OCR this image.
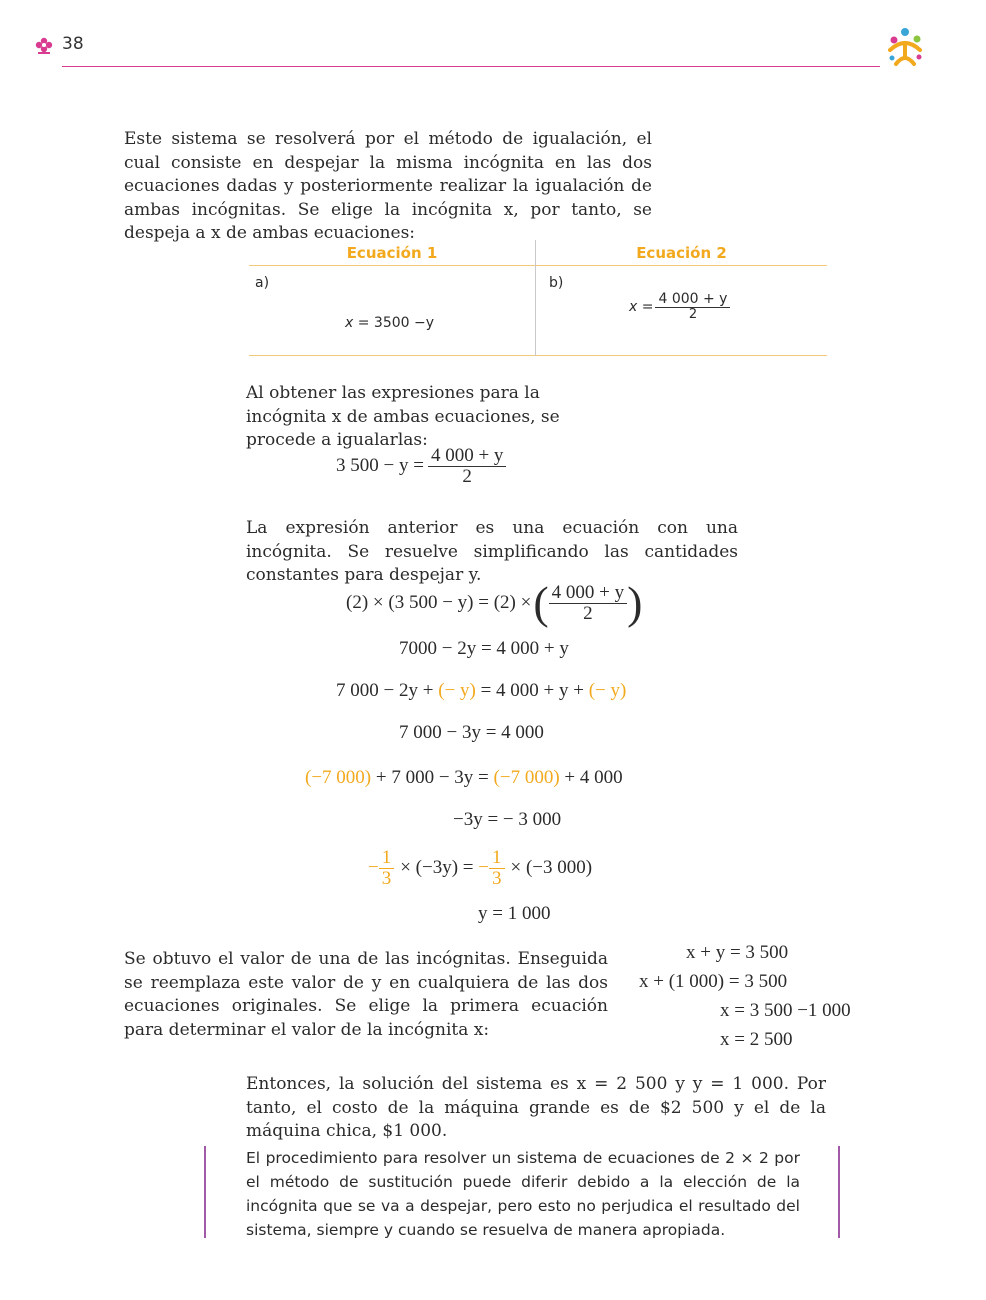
38

Este sistema se resolverá por el método de igualación, el cual consiste en despejar la misma incógnita en las dos ecuaciones dadas y posteriormente realizar la igualación de ambas incógnitas. Se elige la incógnita x, por tanto, se despeja a x de ambas ecuaciones:

Ecuación 1	Ecuación 2
a)	b)
x = 3500 −y
$x = \frac{4 000 + y}{2}$

Al obtener las expresiones para la incógnita x de ambas ecuaciones, se procede a igualarlas:

3 $500 - y = \frac{4 000 + y}{2}$

La expresión anterior es una ecuación con una incógnita. Se resuelve simplificando las cantidades constantes para despejar y.

(2) × (3 500 − y) = (2) × ( $\frac{4 000 + y}{2}$ )
7000 − 2y = 4 000 + y
7 000 − 2y + (− y) = 4 000 + y + (− y)
7 000 − 3y = 4 000
(−7 000) + 7 000 − 3y = (−7 000) + 4 000
−3y = − 3 000
− $\frac{1}{3} \times (-3y)$ = − $\frac{1}{3} \times (-3$ 000)
y = 1 000

Se obtuvo el valor de una de las incógnitas. Enseguida se reemplaza este valor de y en cualquiera de las dos ecuaciones originales. Se elige la primera ecuación para determinar el valor de la incógnita x:

x + y = 3 500
x + (1 000) = 3 500
x = 3 500 −1 000
x = 2 500

Entonces, la solución del sistema es x = 2 500 y y = 1 000. Por tanto, el costo de la máquina grande es de $2 500 y el de la máquina chica, $1 000.

El procedimiento para resolver un sistema de ecuaciones de 2 × 2 por el método de sustitución puede diferir debido a la elección de la incógnita que se va a despejar, pero esto no perjudica el resultado del sistema, siempre y cuando se resuelva de manera apropiada.
